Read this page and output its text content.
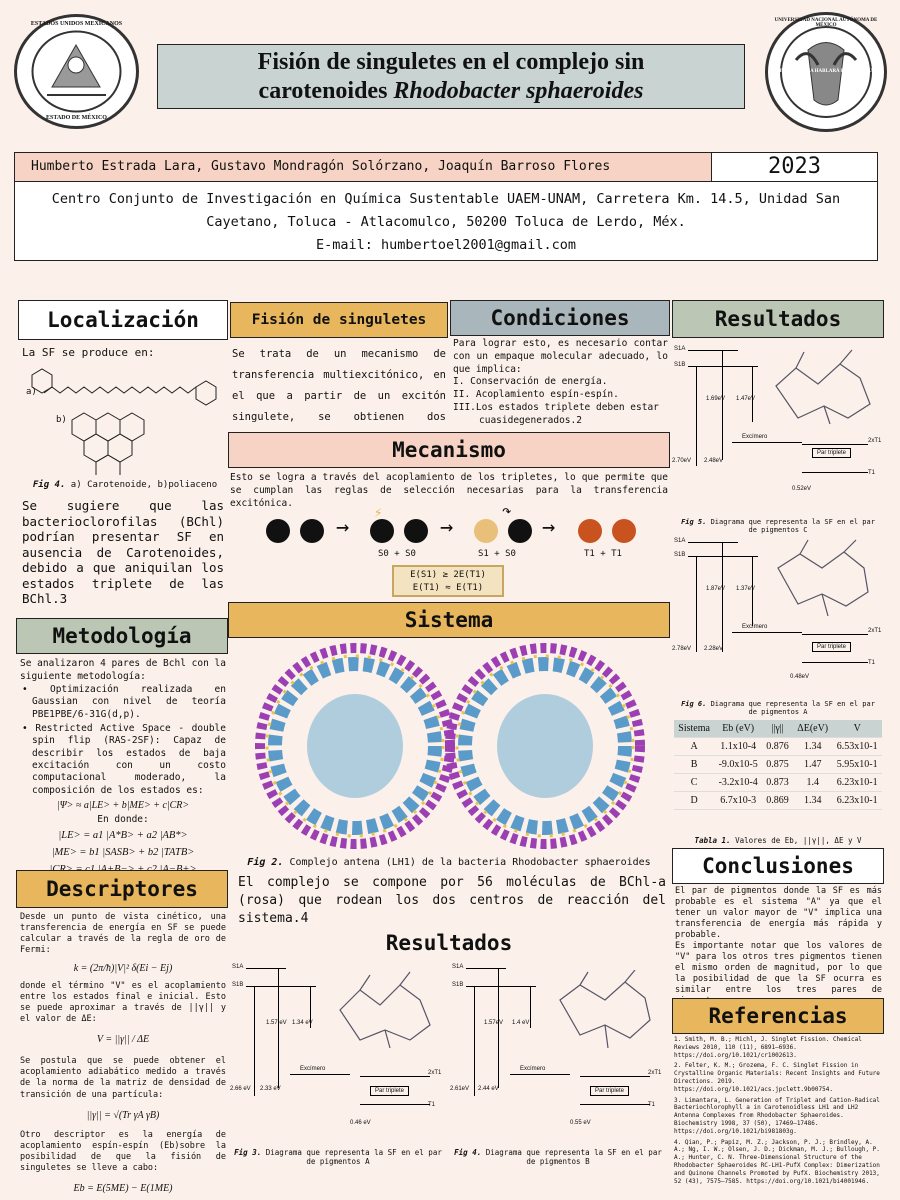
ESTADOS UNIDOS MEXICANOS
ESTADO DE MÉXICO
UNIVERSIDAD NACIONAL AUTÓNOMA DE MÉXICO
POR MI RAZA HABLARÁ EL ESPÍRITU
Fisión de singuletes en el complejo sin
carotenoides Rhodobacter sphaeroides
Humberto Estrada Lara, Gustavo Mondragón Solórzano, Joaquín Barroso Flores	2023
Centro Conjunto de Investigación en Química Sustentable UAEM-UNAM, Carretera Km. 14.5, Unidad San
Cayetano, Toluca - Atlacomulco, 50200 Toluca de Lerdo, Méx.
E-mail: humbertoel2001@gmail.com
Localización
La SF se produce en:
a)
b)
Fig 4. a) Carotenoide, b)poliaceno
Se sugiere que las bacterioclorofilas (BChl) podrían presentar SF en ausencia de Carotenoides, debido a que aniquilan los estados triplete de las BChl.3
Metodología
Se analizaron 4 pares de Bchl con la siguiente metodología:
• Optimización realizada en Gaussian con nivel de teoría PBE1PBE/6-31G(d,p).
• Restricted Active Space - double spin flip (RAS-2SF): Capaz de describir los estados de baja excitación con un costo computacional moderado, la composición de los estados es:
|Ψ> ≈ a|LE> + b|ME> + c|CR>
En donde:
|LE> = a1 |A*B> + a2 |AB*>
|ME> = b1 |SASB> + b2 |TATB>
Descriptores
Desde un punto de vista cinético, una transferencia de energía en SF se puede calcular a través de la regla de oro de Fermi:
k = (2π/ħ)|V|² δ(Ei − Ej)
donde el término "V" es el acoplamiento entre los estados final e inicial. Esto se puede aproximar a través de ||γ|| y el valor de ΔE:
V = ||γ|| / ΔE
Se postula que se puede obtener el acoplamiento adiabático medido a través de la norma de la matriz de densidad de transición de una partícula:
||γ|| = √(Tr γA γB)
Otro descriptor es la energía de acoplamiento espín-espín (Eb)sobre la posibilidad de que la fisión de singuletes se lleve a cabo:
Eb = E(5ME) − E(1ME)
Fisión de singuletes
Se trata de un mecanismo de transferencia multiexcitónico, en el que a partir de un excitón singulete, se obtienen dos
Condiciones
Para lograr esto, es necesario contar con un empaque molecular adecuado, lo que implica:
I. Conservación de energía.
II. Acoplamiento espín-espín.
III.Los estados triplete deben estar cuasidegenerados.2
Mecanismo
Esto se logra a través del acoplamiento de los tripletes, lo que permite que se cumplan las reglas de selección necesarias para la transferencia excitónica.
→
⚡
→
↷
→
S0 + S0	S1 + S0	T1 + T1
E(S1) ≥ 2E(T1)
E(T1) ≈ E(T1)
Sistema
Fig 2. Complejo antena (LH1) de la bacteria Rhodobacter sphaeroides
El complejo se compone por 56 moléculas de BChl-a (rosa) que rodean los dos centros de reacción del sistema.4
Resultados
S1A
S1B
1.57 eV 1.34 eV
2.66 eV 2.33 eV
Excímero
Par triplete
2xT1
T1
0.46 eV
Fig 3. Diagrama que representa la SF en el par de pigmentos A
S1A
S1B
1.57eV 1.4 eV
2.61eV 2.44 eV
Excímero
Par triplete
2xT1
T1
0.55 eV
Fig 4. Diagrama que representa la SF en el par de pigmentos B
Resultados
S1A
S1B
1.69eV 1.47eV
2.70eV 2.48eV
Excímero
Par triplete
2xT1
T1
0.52eV
Fig 5. Diagrama que representa la SF en el par de pigmentos C
S1A
S1B
1.87eV 1.37eV
2.78eV 2.28eV
Excímero
Par triplete
2xT1
T1
0.48eV
Fig 6. Diagrama que representa la SF en el par de pigmentos A
Sistema	Eb (eV)	||γ||	ΔE(eV)	V
A	1.1x10-4	0.876	1.34	6.53x10-1
B	-9.0x10-5	0.875	1.47	5.95x10-1
C	-3.2x10-4	0.873	1.4	6.23x10-1
D	6.7x10-3	0.869	1.34	6.23x10-1
Tabla 1. Valores de Eb, ||γ||, ΔE y V
Conclusiones
El par de pigmentos donde la SF es más probable es el sistema "A" ya que el tener un valor mayor de "V" implica una transferencia de energía más rápida y probable.
Es importante notar que los valores de "V" para los otros tres pigmentos tienen el mismo orden de magnitud, por lo que la posibilidad de que la SF ocurra es similar entre los tres pares de
Referencias
1. Smith, M. B.; Michl, J. Singlet Fission. Chemical Reviews 2010, 110 (11), 6891–6936. https://doi.org/10.1021/cr1002613.
2. Felter, K. M.; Grozema, F. C. Singlet Fission in Crystalline Organic Materials: Recent Insights and Future Directions. 2019. https://doi.org/10.1021/acs.jpclett.9b00754.
3. Limantara, L. Generation of Triplet and Cation-Radical Bacteriochlorophyll a in Carotenoidless LH1 and LH2 Antenna Complexes from Rhodobacter Sphaeroides. Biochemistry 1998, 37 (50), 17469–17486. https://doi.org/10.1021/bi981803g.
4. Qian, P.; Papiz, M. Z.; Jackson, P. J.; Brindley, A. A.; Ng, I. W.; Olsen, J. D.; Dickman, M. J.; Bullough, P. A.; Hunter, C. N. Three-Dimensional Structure of the Rhodobacter Sphaeroides RC-LH1-PufX Complex: Dimerization and Quinone Channels Promoted by PufX. Biochemistry 2013, 52 (43), 7575–7585. https://doi.org/10.1021/bi4001946.
